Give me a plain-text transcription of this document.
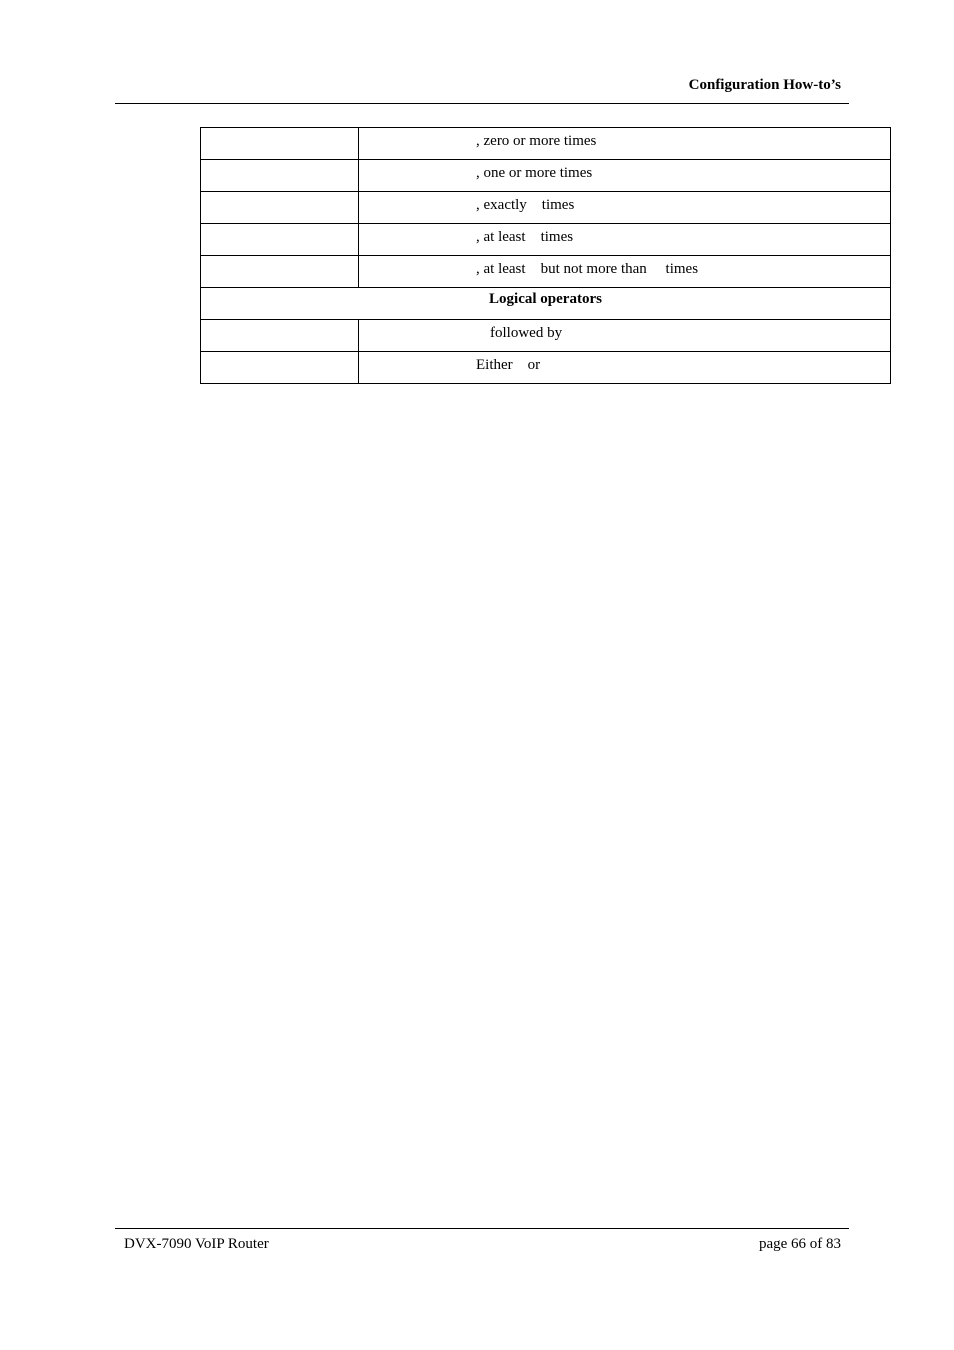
Configuration How-to’s

	, zero or more times

	, one or more times

	, exactly    times

	, at least    times

	, at least    but not more than     times

Logical operators	

	followed by

	Either    or
DVX-7090 VoIP Router	page 66 of 83
